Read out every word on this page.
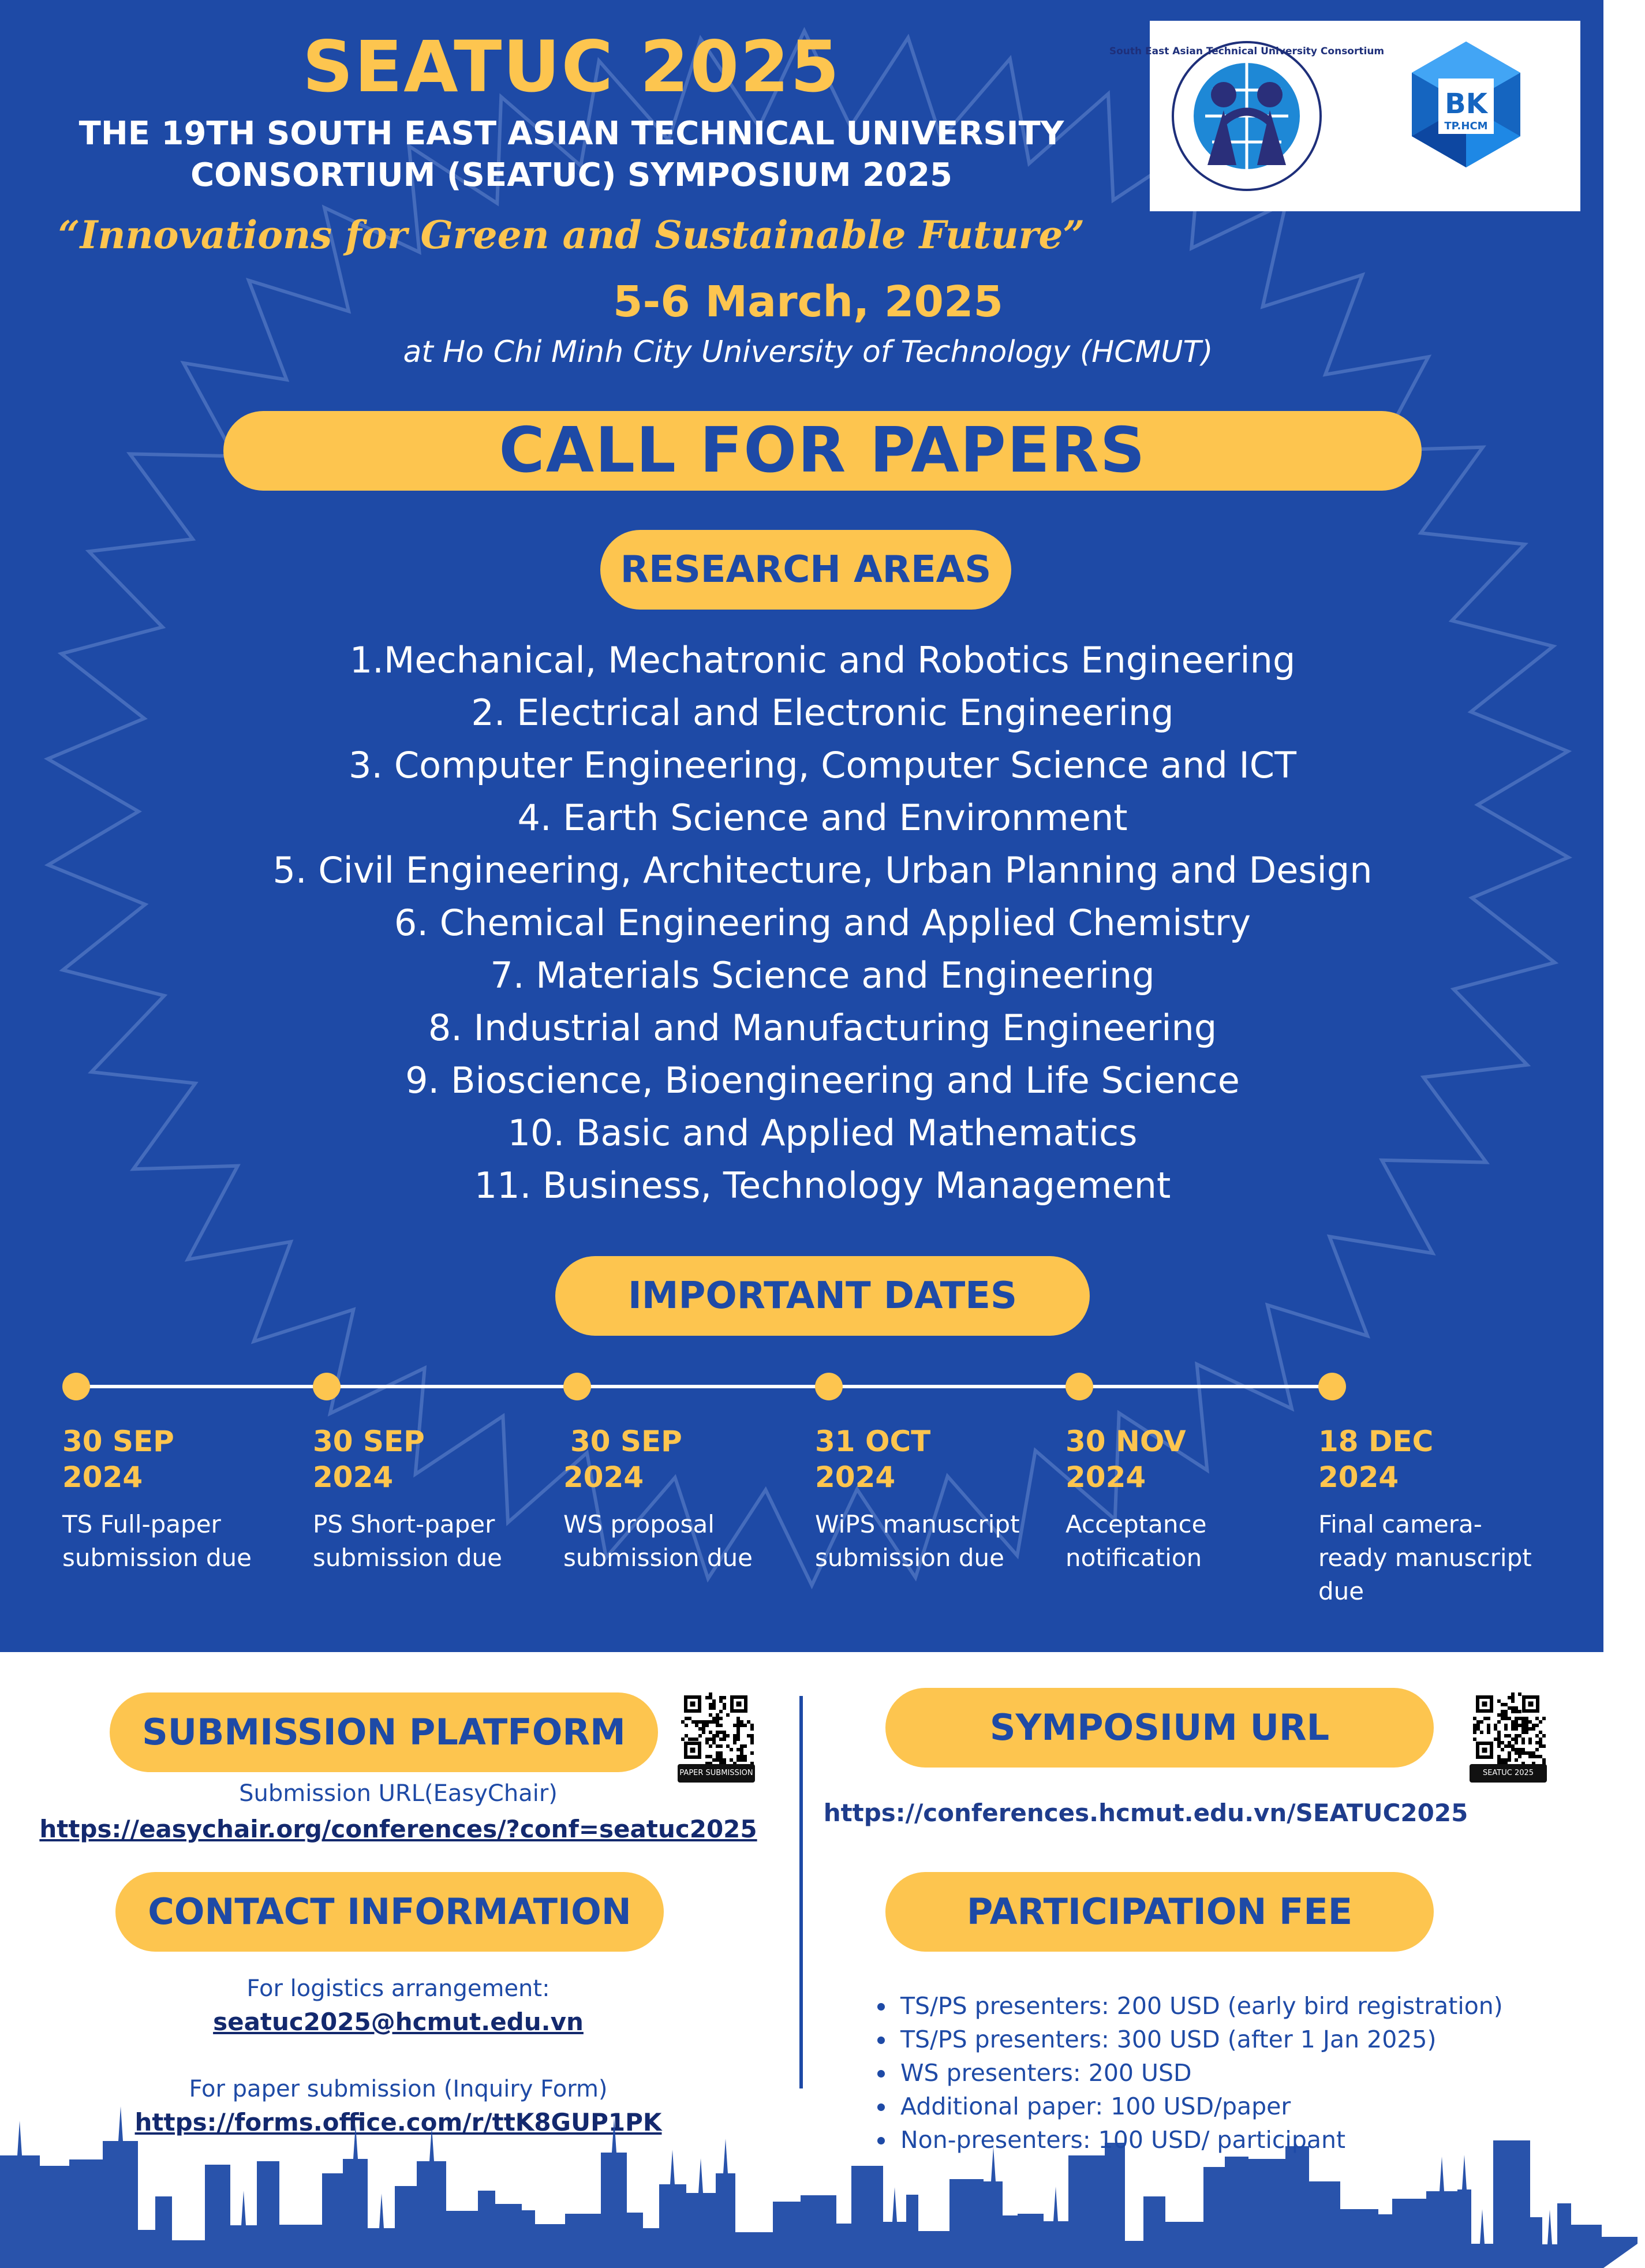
SEATUC 2025
THE 19TH SOUTH EAST ASIAN TECHNICAL UNIVERSITY
CONSORTIUM (SEATUC) SYMPOSIUM 2025
“Innovations for Green and Sustainable Future”
5-6 March, 2025
at Ho Chi Minh City University of Technology (HCMUT)
South East Asian Technical University Consortium
BK
TP.HCM
CALL FOR PAPERS
RESEARCH AREAS
1.Mechanical, Mechatronic and Robotics Engineering
2. Electrical and Electronic Engineering
3. Computer Engineering, Computer Science and ICT
4. Earth Science and Environment
5. Civil Engineering, Architecture, Urban Planning and Design
6. Chemical Engineering and Applied Chemistry
7. Materials Science and Engineering
8. Industrial and Manufacturing Engineering
9. Bioscience, Bioengineering and Life Science
10. Basic and Applied Mathematics
11. Business, Technology Management
IMPORTANT DATES
30 SEP
2024
30 SEP
2024
30 SEP
2024
31 OCT
2024
30 NOV
2024
18 DEC
2024
TS Full-paper
submission due
PS Short-paper
submission due
WS proposal
submission due
WiPS manuscript
submission due
Acceptance
notification
Final camera-
ready manuscript
due
SUBMISSION PLATFORM
PAPER SUBMISSION
Submission URL(EasyChair)
https://easychair.org/conferences/?conf=seatuc2025
SYMPOSIUM URL
SEATUC 2025 HCMUT
https://conferences.hcmut.edu.vn/SEATUC2025
CONTACT INFORMATION
For logistics arrangement:
seatuc2025@hcmut.edu.vn
For paper submission (Inquiry Form)
https://forms.office.com/r/ttK8GUP1PK
PARTICIPATION FEE
• TS/PS presenters: 200 USD (early bird registration)
• TS/PS presenters: 300 USD (after 1 Jan 2025)
• WS presenters: 200 USD
• Additional paper: 100 USD/paper
• Non-presenters: 100 USD/ participant
